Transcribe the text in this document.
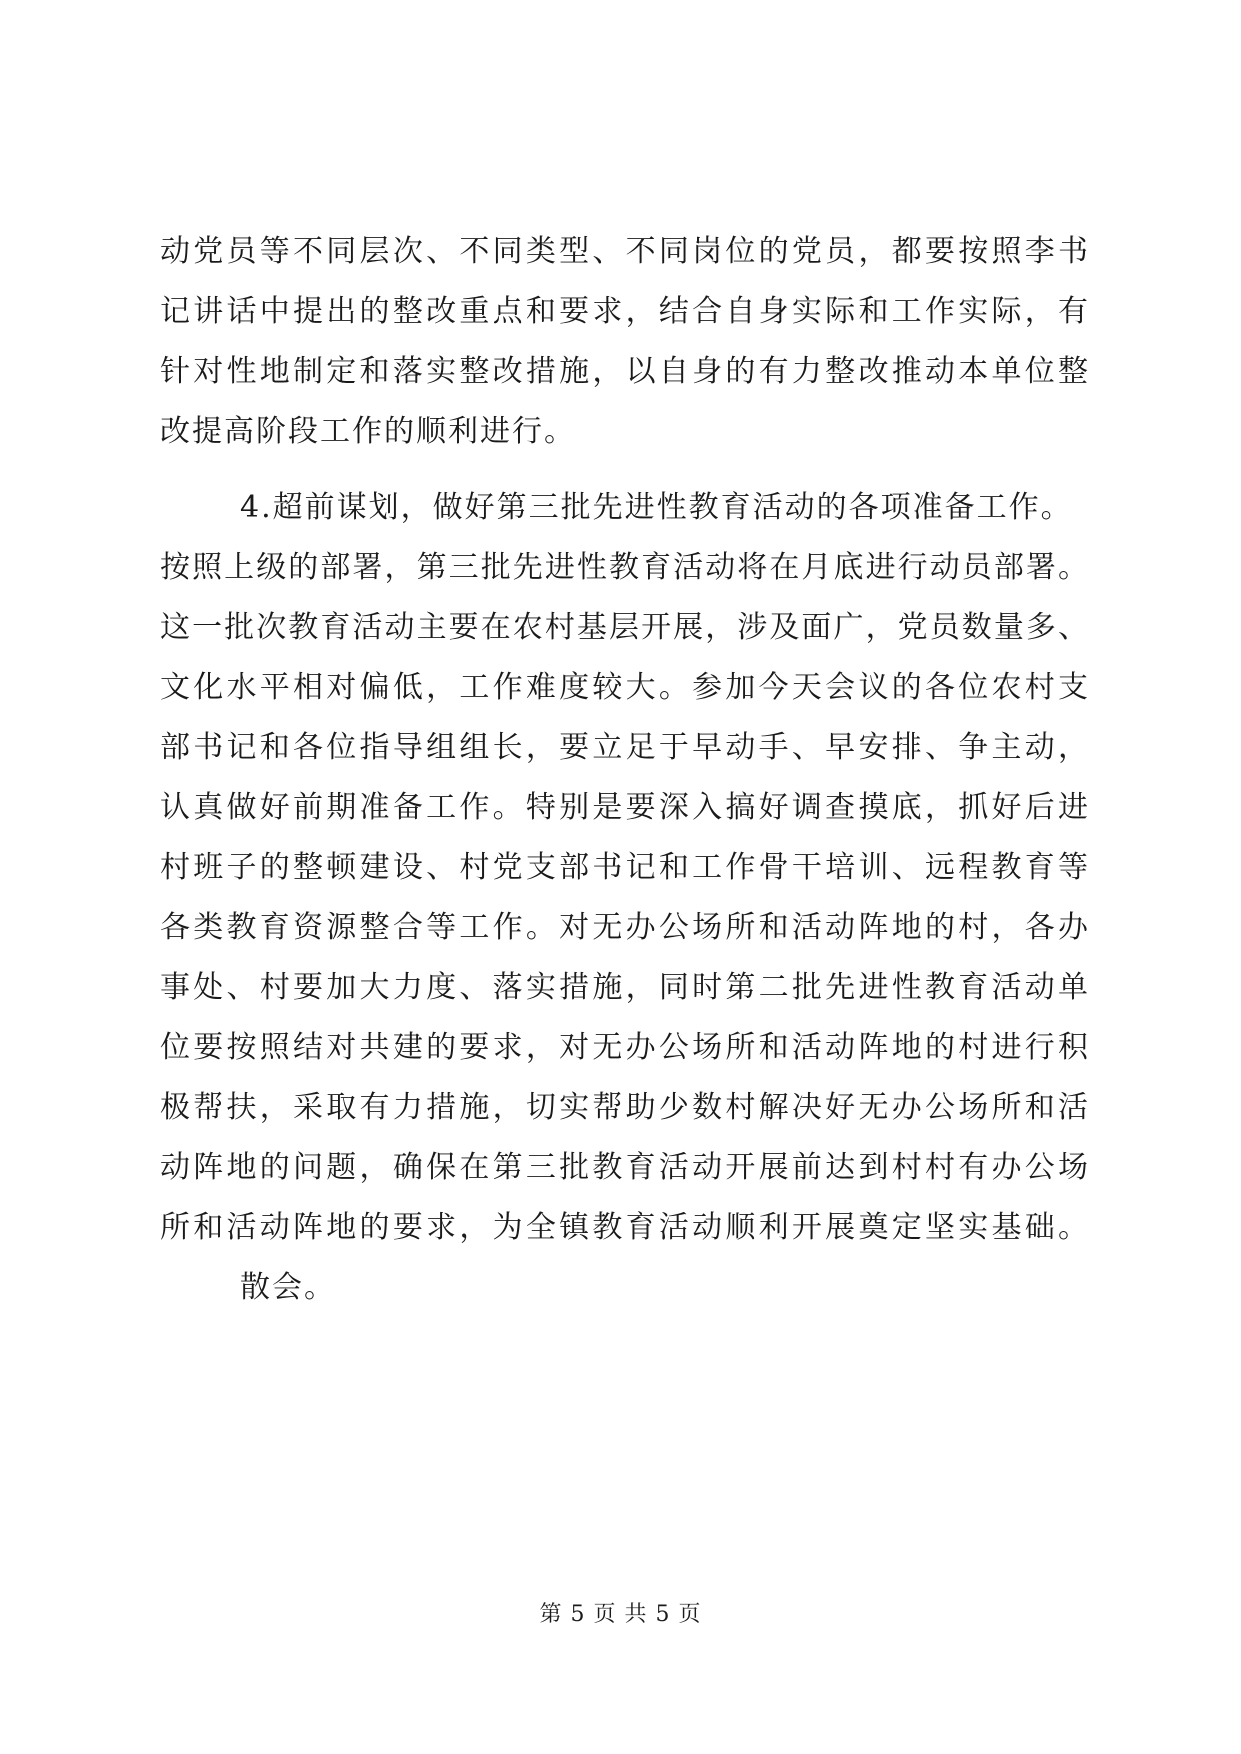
动党员等不同层次、不同类型、不同岗位的党员，都要按照李书
记讲话中提出的整改重点和要求，结合自身实际和工作实际，有
针对性地制定和落实整改措施，以自身的有力整改推动本单位整
改提高阶段工作的顺利进行。
4.超前谋划，做好第三批先进性教育活动的各项准备工作。
按照上级的部署，第三批先进性教育活动将在月底进行动员部署。
这一批次教育活动主要在农村基层开展，涉及面广，党员数量多、
文化水平相对偏低，工作难度较大。参加今天会议的各位农村支
部书记和各位指导组组长，要立足于早动手、早安排、争主动，
认真做好前期准备工作。特别是要深入搞好调查摸底，抓好后进
村班子的整顿建设、村党支部书记和工作骨干培训、远程教育等
各类教育资源整合等工作。对无办公场所和活动阵地的村，各办
事处、村要加大力度、落实措施，同时第二批先进性教育活动单
位要按照结对共建的要求，对无办公场所和活动阵地的村进行积
极帮扶，采取有力措施，切实帮助少数村解决好无办公场所和活
动阵地的问题，确保在第三批教育活动开展前达到村村有办公场
所和活动阵地的要求，为全镇教育活动顺利开展奠定坚实基础。
散会。
第 5 页 共 5 页
